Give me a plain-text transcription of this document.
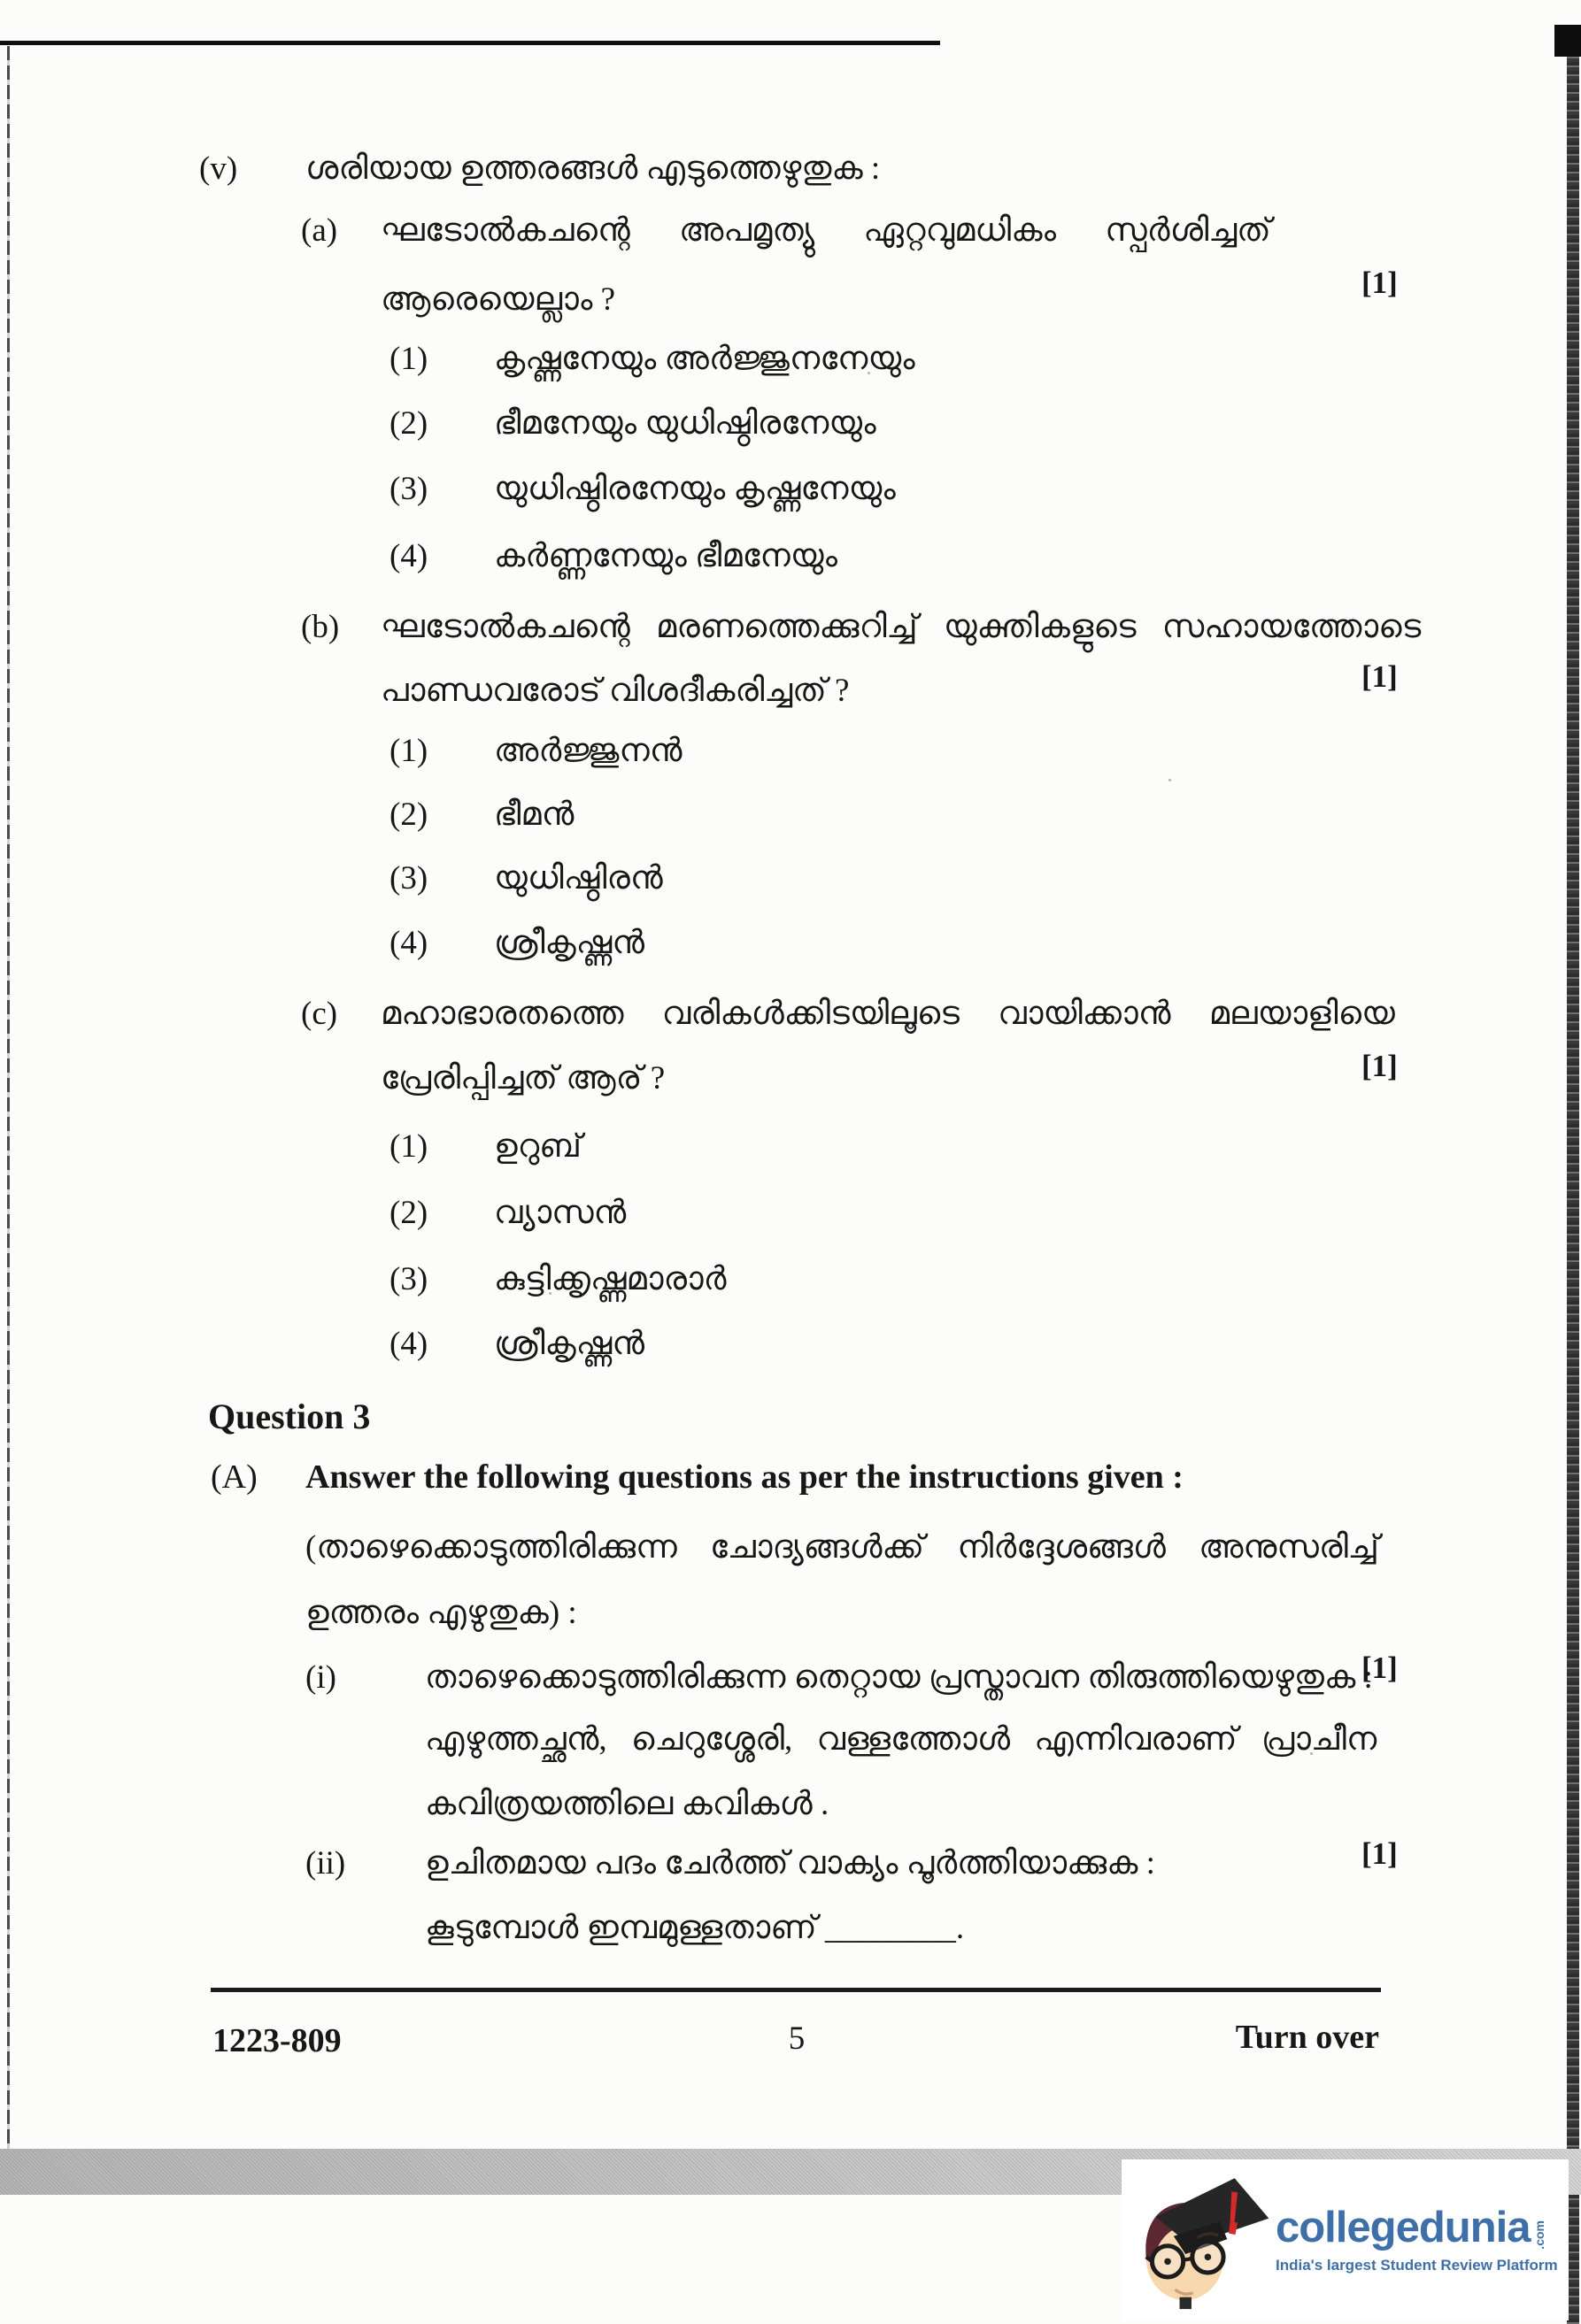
(v) ശരിയായ ഉത്തരങ്ങൾ എടുത്തെഴുതുക :
(a) ഘടോൽകചന്റെ അപമൃത്യു ഏറ്റവുമധികം സ്പർശിച്ചത്
[1]
ആരെയെല്ലാം ?
(1) കൃഷ്ണനേയും അർജ്ജുനനേയും
(2) ഭീമനേയും യുധിഷ്ഠിരനേയും
(3) യുധിഷ്ഠിരനേയും കൃഷ്ണനേയും
(4) കർണ്ണനേയും ഭീമനേയും
(b) ഘടോൽകചന്റെ മരണത്തെക്കുറിച്ച് യുക്തികളുടെ സഹായത്തോടെ
[1]
പാണ്ഡവരോട് വിശദീകരിച്ചത് ?
(1) അർജ്ജുനൻ
(2) ഭീമൻ
(3) യുധിഷ്ഠിരൻ
(4) ശ്രീകൃഷ്ണൻ
(c) മഹാഭാരതത്തെ വരികൾക്കിടയിലൂടെ വായിക്കാൻ മലയാളിയെ
[1]
പ്രേരിപ്പിച്ചത് ആര് ?
(1) ഉറുബ്
(2) വ്യാസൻ
(3) കുട്ടിക്കൃഷ്ണമാരാർ
(4) ശ്രീകൃഷ്ണൻ
Question 3
(A) Answer the following questions as per the instructions given :
(താഴെക്കൊടുത്തിരിക്കുന്ന ചോദ്യങ്ങൾക്ക് നിർദ്ദേശങ്ങൾ അനുസരിച്ച്
ഉത്തരം എഴുതുക) :
[1]
(i)	താഴെക്കൊടുത്തിരിക്കുന്ന തെറ്റായ പ്രസ്താവന തിരുത്തിയെഴുതുക :
എഴുത്തച്ഛൻ, ചെറുശ്ശേരി, വള്ളത്തോൾ എന്നിവരാണ് പ്രാചീന
കവിത്രയത്തിലെ കവികൾ .
[1]
(ii) ഉചിതമായ പദം ചേർത്ത് വാക്യം പൂർത്തിയാക്കുക :
കൂടുമ്പോൾ ഇമ്പമുള്ളതാണ് ________.
1223-809	5	Turn over
collegedunia .com
India's largest Student Review Platform
